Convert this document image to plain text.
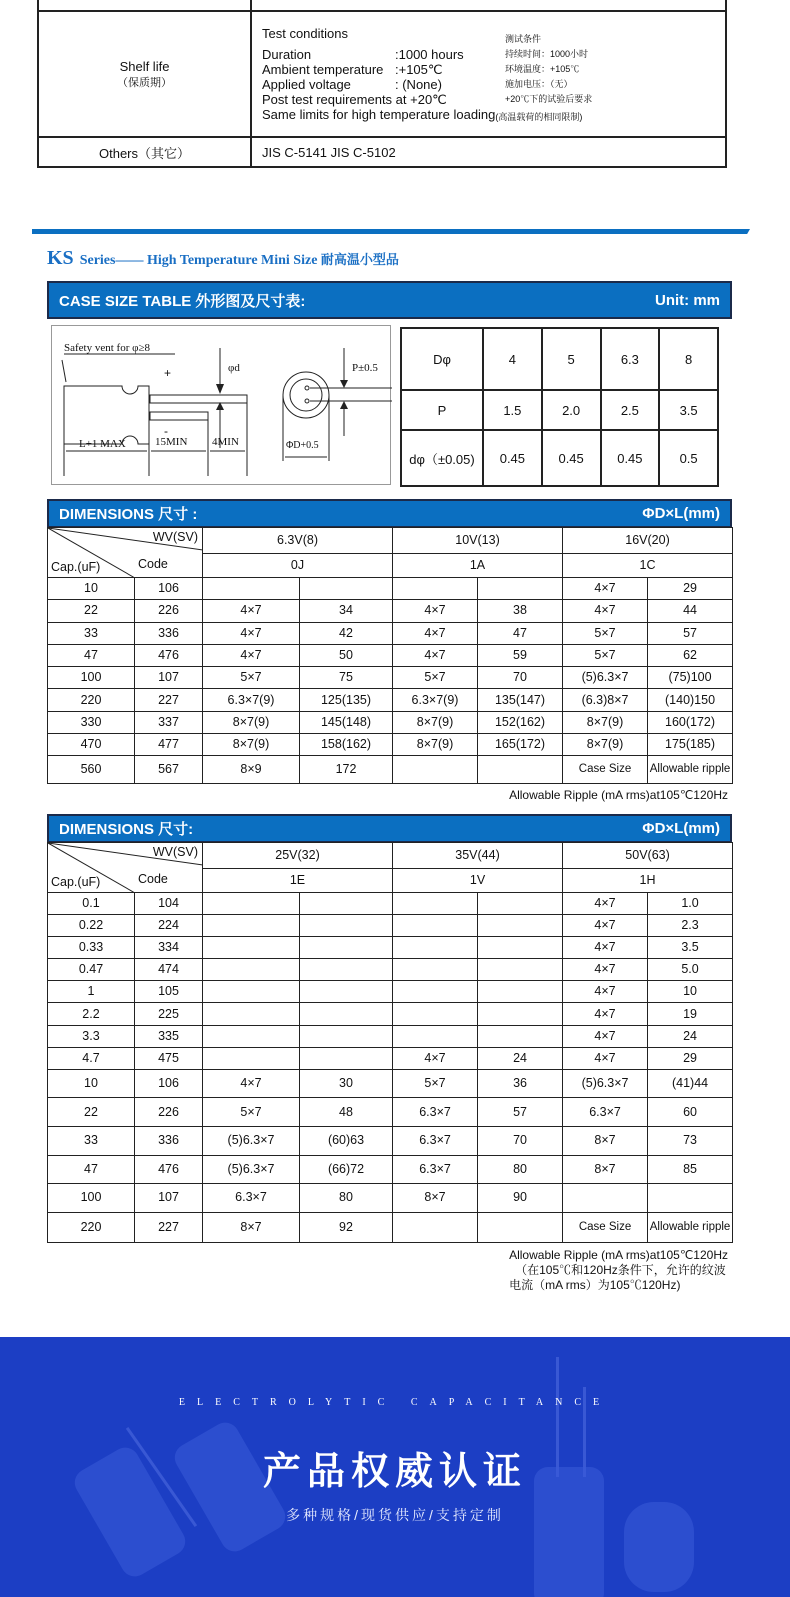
Shelf life
（保质期）
Test conditions	测试条件
Duration	:1000 hours	持续时间：1000小时
Ambient temperature :+105℃	环境温度：+105℃
Applied voltage	: (None)	施加电压：（无）
Post test requirements at +20℃	+20℃下的试验后要求
Same limits for high temperature loading (高温载荷的相同限制)
Others（其它）	JIS C-5141 JIS C-5102
KS Series—— High Temperature Mini Size 耐高温小型品
CASE SIZE TABLE 外形图及尺寸表:	Unit: mm
Safety vent for φ≥8
+
-
φd
L+1 MAX	15MIN 4MIN	ΦD+0.5
P±0.5
Dφ	4	5	6.3	8
P	1.5	2.0	2.5	3.5
dφ（±0.05)	0.45	0.45	0.45	0.5
DIMENSIONS 尺寸 :	ΦD×L(mm)
WV(SV)
Code
Cap.(uF)		6.3V(8)		10V(13)		16V(20)	
		0J		1A		1C	
10	106					4×7	29
22	226	4×7	34	4×7	38	4×7	44
33	336	4×7	42	4×7	47	5×7	57
47	476	4×7	50	4×7	59	5×7	62
100	107	5×7	75	5×7	70	(5)6.3×7	(75)100
220	227	6.3×7(9)	125(135)	6.3×7(9)	135(147)	(6.3)8×7	(140)150
330	337	8×7(9)	145(148)	8×7(9)	152(162)	8×7(9)	160(172)
470	477	8×7(9)	158(162)	8×7(9)	165(172)	8×7(9)	175(185)
560	567	8×9	172			Case Size	Allowable ripple
Allowable Ripple (mA rms)at105℃120Hz
DIMENSIONS 尺寸:	ΦD×L(mm)
WV(SV)
Code
Cap.(uF)		25V(32)		35V(44)		50V(63)	
		1E		1V		1H	
0.1	104					4×7	1.0
0.22	224					4×7	2.3
0.33	334					4×7	3.5
0.47	474					4×7	5.0
1	105					4×7	10
2.2	225					4×7	19
3.3	335					4×7	24
4.7	475			4×7	24	4×7	29
10	106	4×7	30	5×7	36	(5)6.3×7	(41)44
22	226	5×7	48	6.3×7	57	6.3×7	60
33	336	(5)6.3×7	(60)63	6.3×7	70	8×7	73
47	476	(5)6.3×7	(66)72	6.3×7	80	8×7	85
100	107	6.3×7	80	8×7	90		
220	227	8×7	92			Case Size	Allowable ripple
Allowable Ripple (mA rms)at105℃120Hz
（在105℃和120Hz条件下，允许的纹波
电流（mA rms）为105℃120Hz)
ELECTROLYTIC CAPACITANCE
产品权威认证
多种规格/现货供应/支持定制
